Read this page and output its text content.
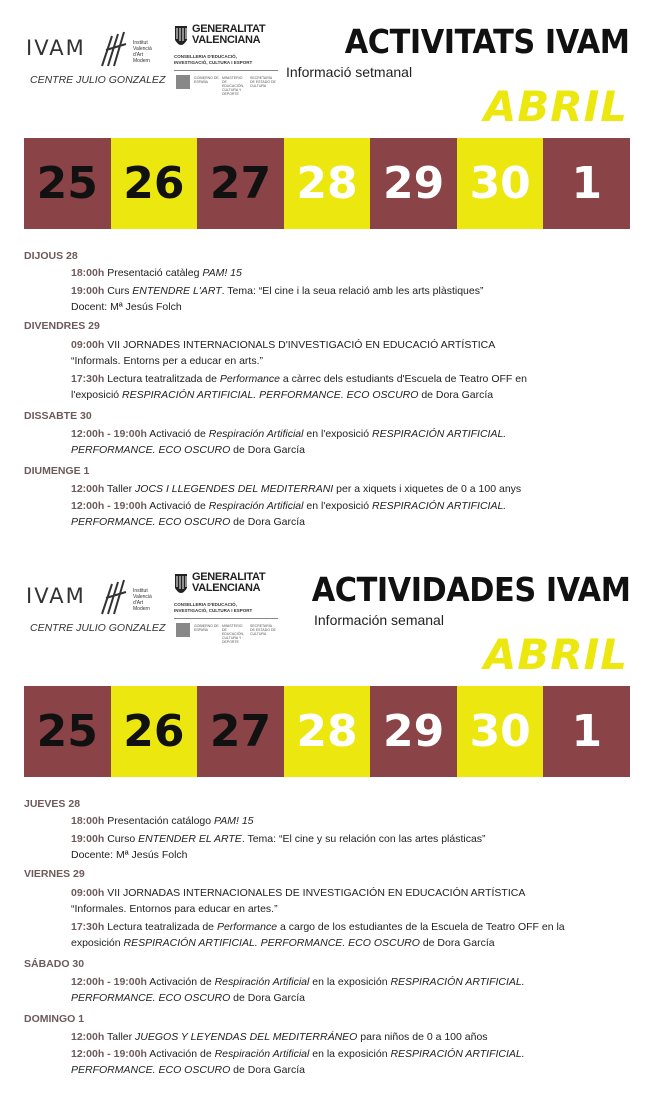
IVAM	Institut
Valencià
d'Art
Modern
CENTRE JULIO GONZALEZ
GENERALITAT
VALENCIANA
CONSELLERIA D'EDUCACIÓ,
INVESTIGACIÓ, CULTURA I ESPORT
GOBIERNO DE ESPAÑA
MINISTERIO DE EDUCACIÓN, CULTURA Y DEPORTE
SECRETARÍA DE ESTADO DE CULTURA
ACTIVITATS IVAM
Informació setmanal
ABRIL
25 26 27 28 29 30 1
DIJOUS 28
18:00h Presentació catàleg PAM! 15
19:00h Curs ENTENDRE L'ART. Tema: “El cine i la seua relació amb les arts plàstiques”
Docent: Mª Jesús Folch
DIVENDRES 29
09:00h VII JORNADES INTERNACIONALS D'INVESTIGACIÓ EN EDUCACIÓ ARTÍSTICA
“Informals. Entorns per a educar en arts.”
17:30h Lectura teatralitzada de Performance a càrrec dels estudiants d'Escuela de Teatro OFF en
l'exposició RESPIRACIÓN ARTIFICIAL. PERFORMANCE. ECO OSCURO de Dora García
DISSABTE 30
12:00h - 19:00h Activació de Respiración Artificial en l'exposició RESPIRACIÓN ARTIFICIAL.
PERFORMANCE. ECO OSCURO de Dora García
DIUMENGE 1
12:00h Taller JOCS I LLEGENDES DEL MEDITERRANI per a xiquets i xiquetes de 0 a 100 anys
12:00h - 19:00h Activació de Respiración Artificial en l'exposició RESPIRACIÓN ARTIFICIAL.
PERFORMANCE. ECO OSCURO de Dora García
IVAM	Institut
Valencià
d'Art
Modern
CENTRE JULIO GONZALEZ
GENERALITAT
VALENCIANA
CONSELLERIA D'EDUCACIÓ,
INVESTIGACIÓ, CULTURA I ESPORT
GOBIERNO DE ESPAÑA
MINISTERIO DE EDUCACIÓN, CULTURA Y DEPORTE
SECRETARÍA DE ESTADO DE CULTURA
ACTIVIDADES IVAM
Información semanal
ABRIL
25 26 27 28 29 30 1
JUEVES 28
18:00h Presentación catálogo PAM! 15
19:00h Curso ENTENDER EL ARTE. Tema: “El cine y su relación con las artes plásticas”
Docente: Mª Jesús Folch
VIERNES 29
09:00h VII JORNADAS INTERNACIONALES DE INVESTIGACIÓN EN EDUCACIÓN ARTÍSTICA
“Informales. Entornos para educar en artes.”
17:30h Lectura teatralizada de Performance a cargo de los estudiantes de la Escuela de Teatro OFF en la
exposición RESPIRACIÓN ARTIFICIAL. PERFORMANCE. ECO OSCURO de Dora García
SÁBADO 30
12:00h - 19:00h Activación de Respiración Artificial en la exposición RESPIRACIÓN ARTIFICIAL.
PERFORMANCE. ECO OSCURO de Dora García
DOMINGO 1
12:00h Taller JUEGOS Y LEYENDAS DEL MEDITERRÁNEO para niños de 0 a 100 años
12:00h - 19:00h Activación de Respiración Artificial en la exposición RESPIRACIÓN ARTIFICIAL.
PERFORMANCE. ECO OSCURO de Dora García
